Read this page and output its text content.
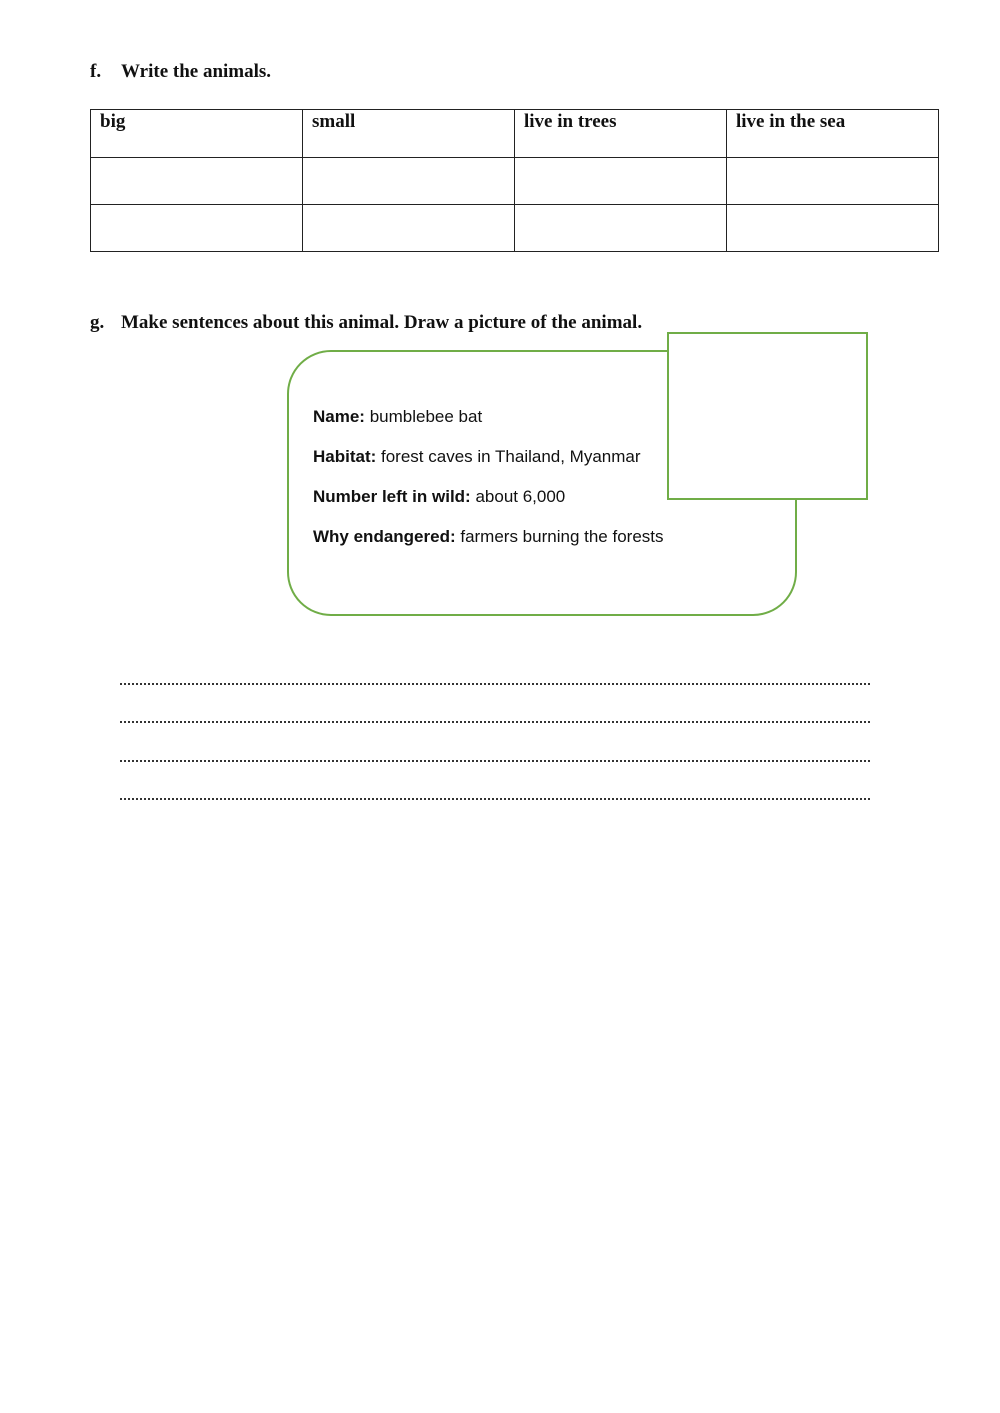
f. Write the animals.
big	small	live in trees	live in the sea

g. Make sentences about this animal. Draw a picture of the animal.
Name: bumblebee bat
Habitat: forest caves in Thailand, Myanmar
Number left in wild: about 6,000
Why endangered: farmers burning the forests
